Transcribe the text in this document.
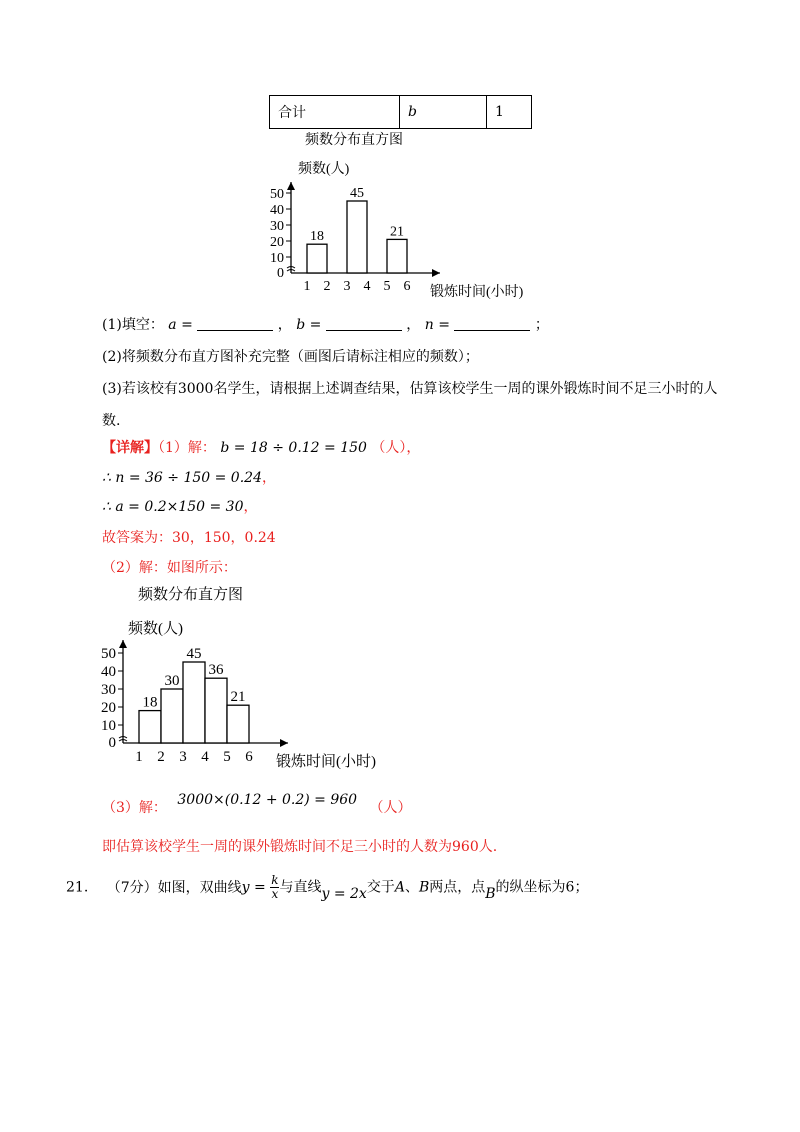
合计	b	1
频数分布直方图
频数(人)
50
40
30
20
10
0
1 2 3 4 5 6
18
45
21
锻炼时间(小时)
(1)填空： a =	， b =	， n =	；
(2)将频数分布直方图补充完整（画图后请标注相应的频数）；
(3)若该校有3000名学生，请根据上述调查结果，估算该校学生一周的课外锻炼时间不足三小时的人
数.
【详解】（1）解： b = 18 ÷ 0.12 = 150 （人），
∴ n = 36 ÷ 150 = 0.24，
∴ a = 0.2×150 = 30，
故答案为：30，150，0.24
（2）解：如图所示：
频数分布直方图
频数(人)
50
40
30
20
10
0
1 2 3 4 5 6
18
30
45
36
21
锻炼时间(小时)
（3）解： 3000×(0.12 + 0.2) = 960 （人）
即估算该校学生一周的课外锻炼时间不足三小时的人数为960人.
21. （7分）如图，双曲线$y = \frac{k}{x}$ 与直线y = 2x交于A、B两点，点B的纵坐标为6；
